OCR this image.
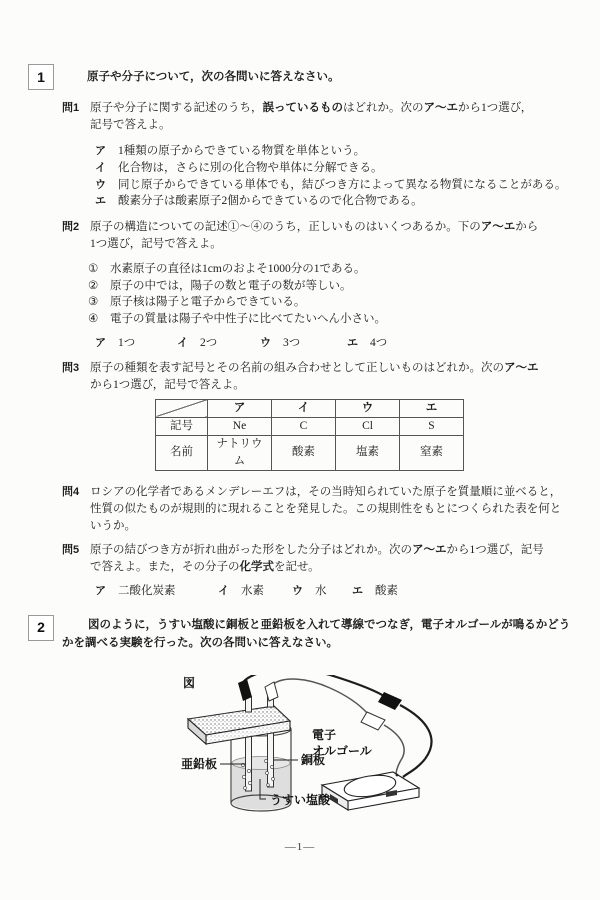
1	原子や分子について，次の各問いに答えなさい。
問1 原子や分子に関する記述のうち，誤っているものはどれか。次のア～エから1つ選び，
記号で答えよ。
ア	1種類の原子からできている物質を単体という。
イ	化合物は，さらに別の化合物や単体に分解できる。
ウ	同じ原子からできている単体でも，結びつき方によって異なる物質になることがある。
エ	酸素分子は酸素原子2個からできているので化合物である。
問2 原子の構造についての記述①～④のうち，正しいものはいくつあるか。下のア～エから
1つ選び，記号で答えよ。
①	水素原子の直径は1cmのおよそ1000分の1である。
②	原子の中では，陽子の数と電子の数が等しい。
③	原子核は陽子と電子からできている。
④	電子の質量は陽子や中性子に比べてたいへん小さい。
ア	1つ	イ	2つ	ウ	3つ	エ	4つ
問3 原子の種類を表す記号とその名前の組み合わせとして正しいものはどれか。次のア～エ
から1つ選び，記号で答えよ。
	ア	イ	ウ	エ
記号	Ne	C	Cl	S
名前	ナトリウム	酸素	塩素	窒素
問4 ロシアの化学者であるメンデレーエフは，その当時知られていた原子を質量順に並べると，
性質の似たものが規則的に現れることを発見した。この規則性をもとにつくられた表を何と
いうか。
問5 原子の結びつき方が折れ曲がった形をした分子はどれか。次のア～エから1つ選び，記号
で答えよ。また，その分子の化学式を記せ。
ア	二酸化炭素	イ	水素	ウ	水 エ	酸素
2	図のように，うすい塩酸に銅板と亜鉛板を入れて導線でつなぎ，電子オルゴールが鳴るかどう
かを調べる実験を行った。次の各問いに答えなさい。
図
亜鉛板	銅板
うすい塩酸
電子
オルゴール
—1—
